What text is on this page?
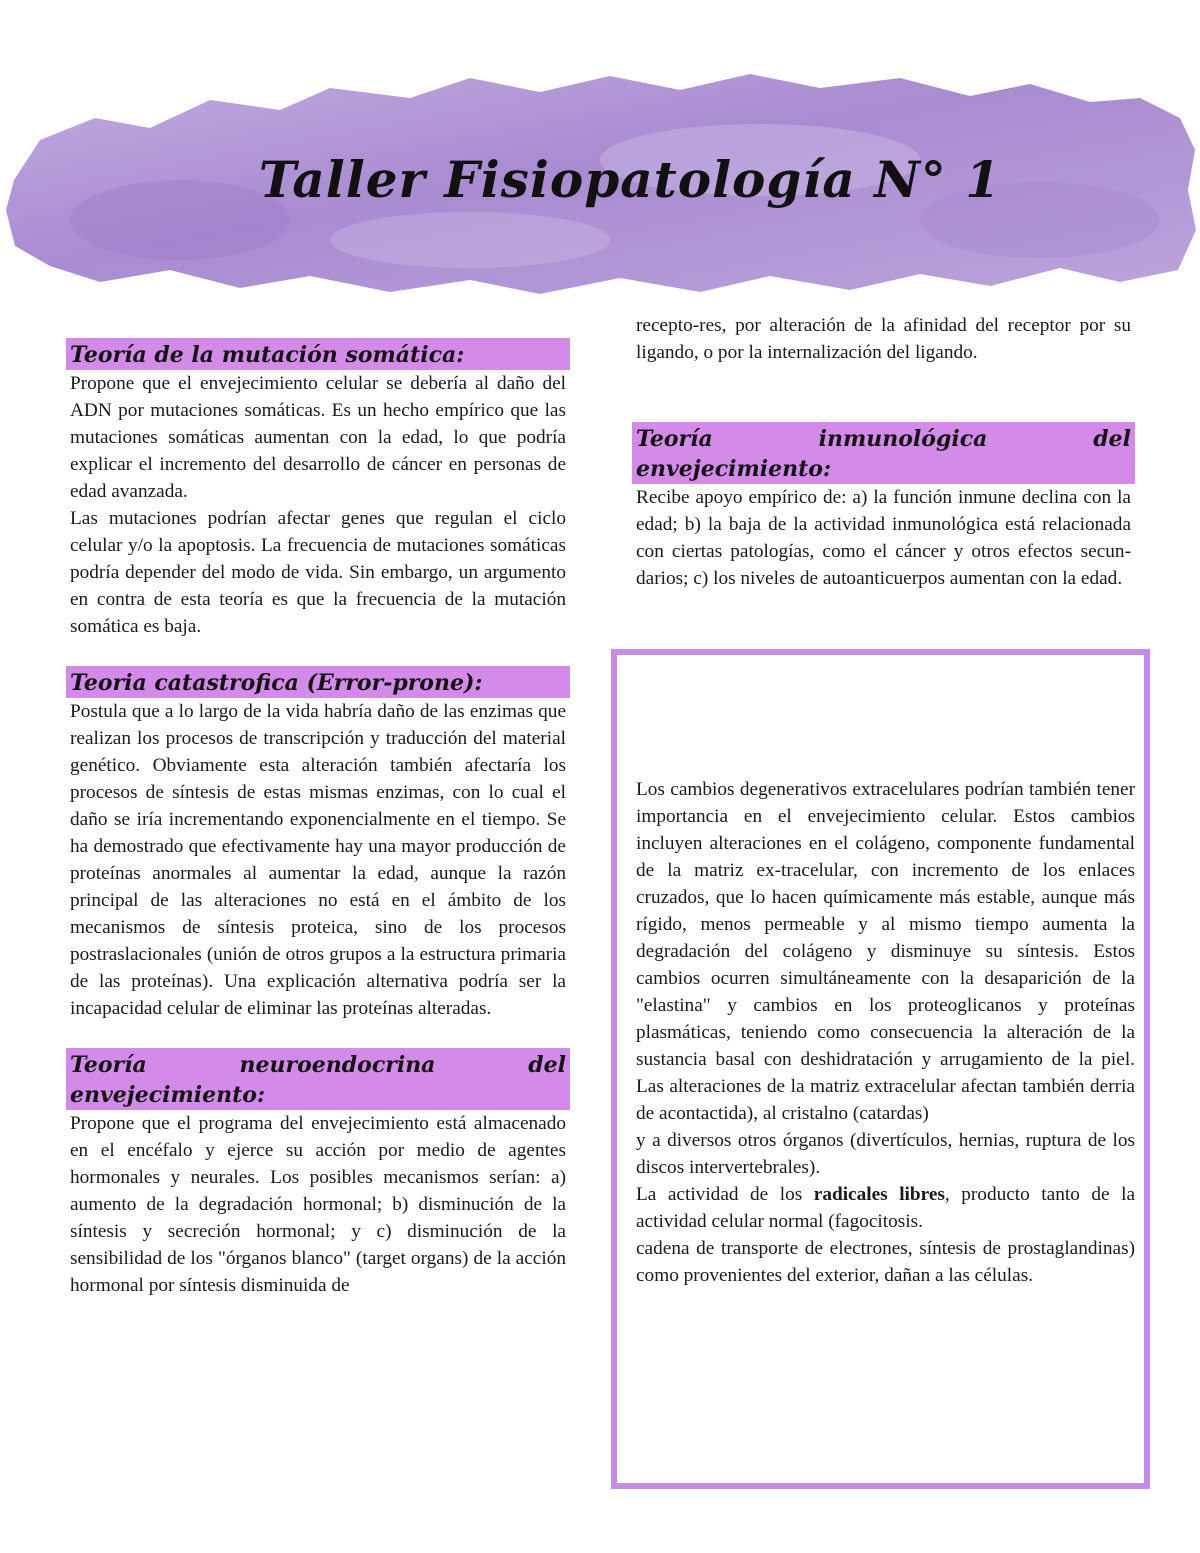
Taller Fisiopatología N° 1
Teoría de la mutación somática:

Propone que el envejecimiento celular se debería al daño del ADN por mutaciones somáticas. Es un hecho empírico que las mutaciones somáticas aumentan con la edad, lo que podría explicar el incremento del desarrollo de cáncer en personas de edad avanzada.

Las mutaciones podrían afectar genes que regulan el ciclo celular y/o la apoptosis. La frecuencia de mutaciones somáticas podría depender del modo de vida. Sin embargo, un argumento en contra de esta teoría es que la frecuencia de la mutación somática es baja.

Teoria catastrofica (Error-prone):

Postula que a lo largo de la vida habría daño de las enzimas que realizan los procesos de transcripción y traducción del material genético. Obviamente esta alteración también afectaría los procesos de síntesis de estas mismas enzimas, con lo cual el daño se iría incrementando exponencialmente en el tiempo. Se ha demostrado que efectivamente hay una mayor producción de proteínas anormales al aumentar la edad, aunque la razón principal de las alteraciones no está en el ámbito de los mecanismos de síntesis proteica, sino de los procesos postraslacionales (unión de otros grupos a la estructura primaria de las proteínas). Una explicación alternativa podría ser la incapacidad celular de eliminar las proteínas alteradas.

Teoría neuroendocrina del envejecimiento:

Propone que el programa del envejecimiento está almacenado en el encéfalo y ejerce su acción por medio de agentes hormonales y neurales. Los posibles mecanismos serían: a) aumento de la degradación hormonal; b) disminución de la síntesis y secreción hormonal; y c) disminución de la sensibilidad de los "órganos blanco" (target organs) de la acción hormonal por síntesis disminuida de

recepto-res, por alteración de la afinidad del receptor por su ligando, o por la internalización del ligando.

Teoría inmunológica del envejecimiento:

Recibe apoyo empírico de: a) la función inmune declina con la edad; b) la baja de la actividad inmunológica está relacionada con ciertas patologías, como el cáncer y otros efectos secun-darios; c) los niveles de autoanticuerpos aumentan con la edad.

Los cambios degenerativos extracelulares podrían también tener importancia en el envejecimiento celular. Estos cambios incluyen alteraciones en el colágeno, componente fundamental de la matriz ex-tracelular, con incremento de los enlaces cruzados, que lo hacen químicamente más estable, aunque más rígido, menos permeable y al mismo tiempo aumenta la degradación del colágeno y disminuye su síntesis. Estos cambios ocurren simultáneamente con la desaparición de la "elastina" y cambios en los proteoglicanos y proteínas plasmáticas, teniendo como consecuencia la alteración de la sustancia basal con deshidratación y arrugamiento de la piel. Las alteraciones de la matriz extracelular afectan también derria de acontactida), al cristalno (catardas)

y a diversos otros órganos (divertículos, hernias, ruptura de los discos intervertebrales).

La actividad de los radicales libres, producto tanto de la actividad celular normal (fagocitosis.

cadena de transporte de electrones, síntesis de prostaglandinas) como provenientes del exterior, dañan a las células.
